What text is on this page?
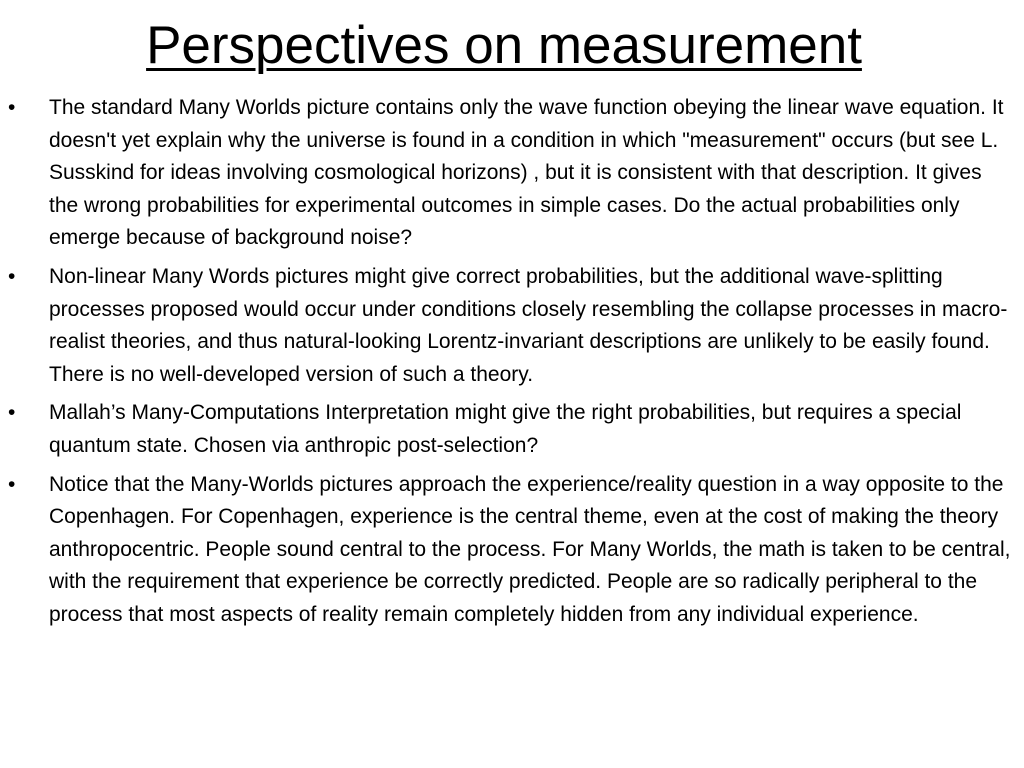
Perspectives on measurement
• The standard Many Worlds picture contains only the wave function obeying the linear wave equation. It doesn't yet explain why the universe is found in a condition in which "measurement" occurs (but see L. Susskind for ideas involving cosmological horizons) , but it is consistent with that description. It gives the wrong probabilities for experimental outcomes in simple cases. Do the actual probabilities only emerge because of background noise?
• Non-linear Many Words pictures might give correct probabilities, but the additional wave-splitting processes proposed would occur under conditions closely resembling the collapse processes in macro-realist theories, and thus natural-looking Lorentz-invariant descriptions are unlikely to be easily found. There is no well-developed version of such a theory.
• Mallah’s Many-Computations Interpretation might give the right probabilities, but requires a special quantum state. Chosen via anthropic post-selection?
• Notice that the Many-Worlds pictures approach the experience/reality question in a way opposite to the Copenhagen. For Copenhagen, experience is the central theme, even at the cost of making the theory anthropocentric. People sound central to the process. For Many Worlds, the math is taken to be central, with the requirement that experience be correctly predicted. People are so radically peripheral to the process that most aspects of reality remain completely hidden from any individual experience.
